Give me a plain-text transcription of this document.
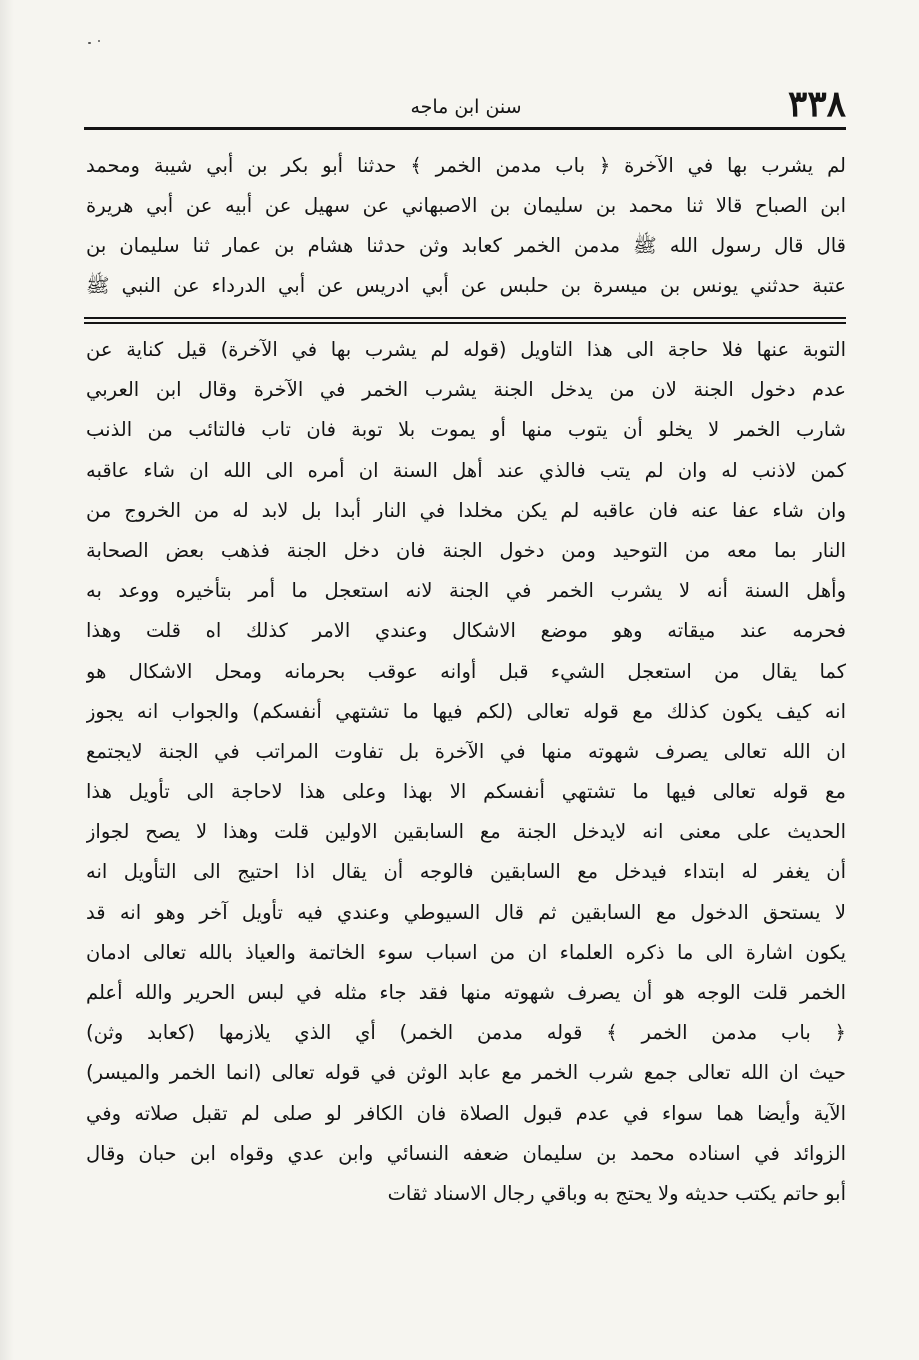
٣٣٨
سنن ابن ماجه
لم يشرب بها في الآخرة ﴿ باب مدمن الخمر ﴾ حدثنا أبو بكر بن أبي شيبة ومحمد
ابن الصباح قالا ثنا محمد بن سليمان بن الاصبهاني عن سهيل عن أبيه عن أبي هريرة
قال قال رسول الله ﷺ مدمن الخمر كعابد وثن حدثنا هشام بن عمار ثنا سليمان بن
عتبة حدثني يونس بن ميسرة بن حلبس عن أبي ادريس عن أبي الدرداء عن النبي ﷺ
التوبة عنها فلا حاجة الى هذا التاويل (قوله لم يشرب بها في الآخرة) قيل كناية عن
عدم دخول الجنة لان من يدخل الجنة يشرب الخمر في الآخرة وقال ابن العربي
شارب الخمر لا يخلو أن يتوب منها أو يموت بلا توبة فان تاب فالتائب من الذنب
كمن لاذنب له وان لم يتب فالذي عند أهل السنة ان أمره الى الله ان شاء عاقبه
وان شاء عفا عنه فان عاقبه لم يكن مخلدا في النار أبدا بل لابد له من الخروج من
النار بما معه من التوحيد ومن دخول الجنة فان دخل الجنة فذهب بعض الصحابة
وأهل السنة أنه لا يشرب الخمر في الجنة لانه استعجل ما أمر بتأخيره ووعد به
فحرمه عند ميقاته وهو موضع الاشكال وعندي الامر كذلك اه قلت وهذا
كما يقال من استعجل الشيء قبل أوانه عوقب بحرمانه ومحل الاشكال هو
انه كيف يكون كذلك مع قوله تعالى (لكم فيها ما تشتهي أنفسكم) والجواب انه يجوز
ان الله تعالى يصرف شهوته منها في الآخرة بل تفاوت المراتب في الجنة لايجتمع
مع قوله تعالى فيها ما تشتهي أنفسكم الا بهذا وعلى هذا لاحاجة الى تأويل هذا
الحديث على معنى انه لايدخل الجنة مع السابقين الاولين قلت وهذا لا يصح لجواز
أن يغفر له ابتداء فيدخل مع السابقين فالوجه أن يقال اذا احتيج الى التأويل انه
لا يستحق الدخول مع السابقين ثم قال السيوطي وعندي فيه تأويل آخر وهو انه قد
يكون اشارة الى ما ذكره العلماء ان من اسباب سوء الخاتمة والعياذ بالله تعالى ادمان
الخمر قلت الوجه هو أن يصرف شهوته منها فقد جاء مثله في لبس الحرير والله أعلم
﴿ باب مدمن الخمر ﴾ قوله مدمن الخمر) أي الذي يلازمها (كعابد وثن)
حيث ان الله تعالى جمع شرب الخمر مع عابد الوثن في قوله تعالى (انما الخمر والميسر)
الآية وأيضا هما سواء في عدم قبول الصلاة فان الكافر لو صلى لم تقبل صلاته وفي
الزوائد في اسناده محمد بن سليمان ضعفه النسائي وابن عدي وقواه ابن حبان وقال
أبو حاتم يكتب حديثه ولا يحتج به وباقي رجال الاسناد ثقات
